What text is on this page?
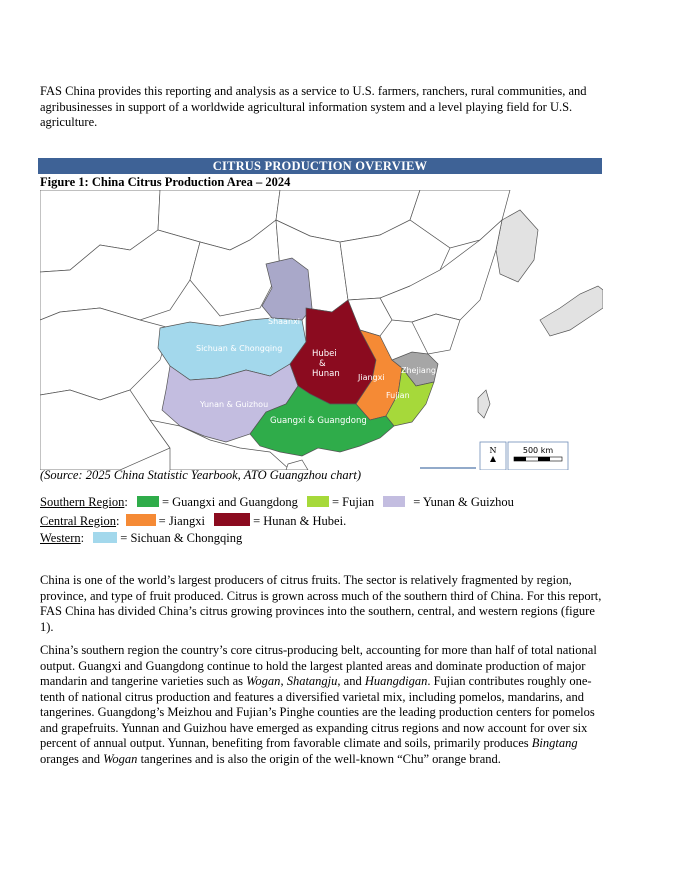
FAS China provides this reporting and analysis as a service to U.S. farmers, ranchers, rural communities, and agribusinesses in support of a worldwide agricultural information system and a level playing field for U.S. agriculture.

CITRUS PRODUCTION OVERVIEW
Figure 1: China Citrus Production Area – 2024
Shaanxi
Sichuan & Chongqing
Hubei
&
Hunan Jiangxi
Zhejiang
Fujian
Yunan & Guizhou
Guangxi & Guangdong
N	500 km
(Source: 2025 China Statistic Yearbook, ATO Guangzhou chart)
Southern Region:	= Guangxi and Guangdong	= Fujian	= Yunan & Guizhou
Central Region:	= Jiangxi	= Hunan & Hubei.
Western:	= Sichuan & Chongqing

China is one of the world’s largest producers of citrus fruits. The sector is relatively fragmented by region, province, and type of fruit produced. Citrus is grown across much of the southern third of China. For this report, FAS China has divided China’s citrus growing provinces into the southern, central, and western regions (figure 1).

China’s southern region the country’s core citrus-producing belt, accounting for more than half of total national output. Guangxi and Guangdong continue to hold the largest planted areas and dominate production of major mandarin and tangerine varieties such as Wogan, Shatangju, and Huangdigan. Fujian contributes roughly one-tenth of national citrus production and features a diversified varietal mix, including pomelos, mandarins, and tangerines. Guangdong’s Meizhou and Fujian’s Pinghe counties are the leading production centers for pomelos and grapefruits. Yunnan and Guizhou have emerged as expanding citrus regions and now account for over six percent of annual output. Yunnan, benefiting from favorable climate and soils, primarily produces Bingtang oranges and Wogan tangerines and is also the origin of the well-known “Chu” orange brand.
